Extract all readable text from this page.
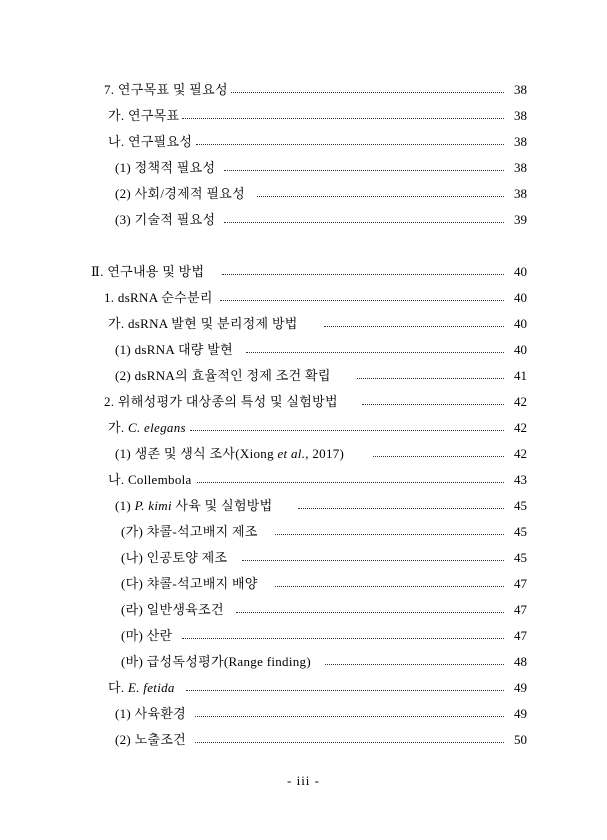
7. 연구목표 및 필요성	38
가. 연구목표	38
나. 연구필요성	38
(1) 정책적 필요성	38
(2) 사회/경제적 필요성	38
(3) 기술적 필요성	39
Ⅱ. 연구내용 및 방법	40
1. dsRNA 순수분리	40
가. dsRNA 발현 및 분리정제 방법	40
(1) dsRNA 대량 발현	40
(2) dsRNA의 효율적인 정제 조건 확립	41
2. 위해성평가 대상종의 특성 및 실험방법	42
가. C. elegans	42
(1) 생존 및 생식 조사(Xiong et al., 2017)	42
나. Collembola	43
(1) P. kimi 사육 및 실험방법	45
(가) 챠콜-석고배지 제조	45
(나) 인공토양 제조	45
(다) 챠콜-석고배지 배양	47
(라) 일반생육조건	47
(마) 산란	47
(바) 급성독성평가(Range finding)	48
다. E. fetida	49
(1) 사육환경	49
(2) 노출조건	50
- iii -
